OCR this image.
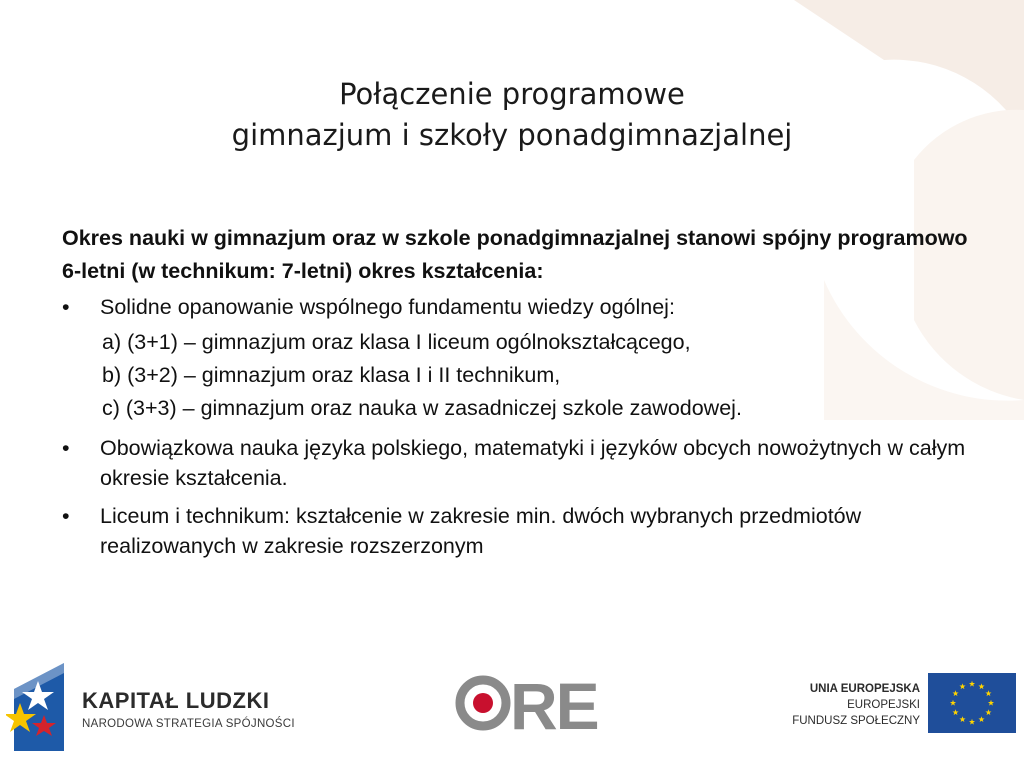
Połączenie programowe
gimnazjum i szkoły ponadgimnazjalnej

Okres nauki w gimnazjum oraz w szkole ponadgimnazjalnej stanowi spójny programowo 6-letni (w technikum: 7-letni) okres kształcenia:

• Solidne opanowanie wspólnego fundamentu wiedzy ogólnej:
a) (3+1) – gimnazjum oraz klasa I liceum ogólnokształcącego,
b) (3+2) – gimnazjum oraz klasa I i II technikum,
c) (3+3) – gimnazjum oraz nauka w zasadniczej szkole zawodowej.
• Obowiązkowa nauka języka polskiego, matematyki i języków obcych nowożytnych w całym okresie kształcenia.
• Liceum i technikum: kształcenie w zakresie min. dwóch wybranych przedmiotów realizowanych w zakresie rozszerzonym
KAPITAŁ LUDZKI
NARODOWA STRATEGIA SPÓJNOŚCI	RE	UNIA EUROPEJSKA
EUROPEJSKI
FUNDUSZ SPOŁECZNY
